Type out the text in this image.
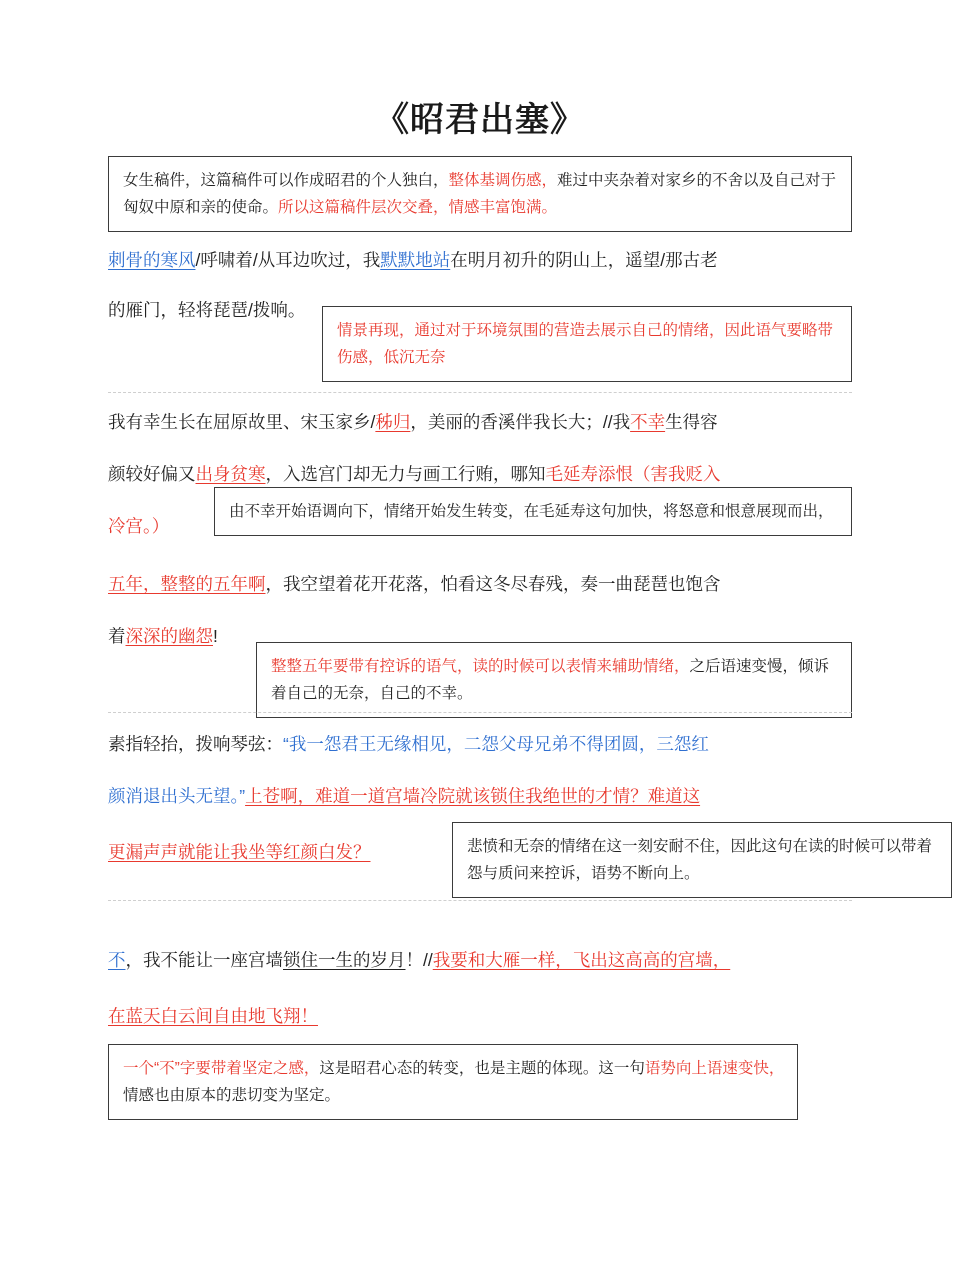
《昭君出塞》
女生稿件，这篇稿件可以作成昭君的个人独白，整体基调伤感，难过中夹杂着对家乡的不舍以及自己对于匈奴中原和亲的使命。所以这篇稿件层次交叠，情感丰富饱满。
刺骨的寒风/呼啸着/从耳边吹过，我默默地站在明月初升的阴山上，遥望/那古老
的雁门，轻将琵琶/拨响。
情景再现，通过对于环境氛围的营造去展示自己的情绪，因此语气要略带伤感，低沉无奈
我有幸生长在屈原故里、宋玉家乡/秭归，美丽的香溪伴我长大；//我不幸生得容
颜较好偏又出身贫寒，入选宫门却无力与画工行贿，哪知毛延寿添恨（害我贬入
冷宫。）
由不幸开始语调向下，情绪开始发生转变，在毛延寿这句加快，将怒意和恨意展现而出，
五年，整整的五年啊，我空望着花开花落，怕看这冬尽春残，奏一曲琵琶也饱含
着深深的幽怨!
整整五年要带有控诉的语气，读的时候可以表情来辅助情绪，之后语速变慢，倾诉着自己的无奈，自己的不幸。
素指轻抬，拨响琴弦：“我一怨君王无缘相见，二怨父母兄弟不得团圆，三怨红
颜消退出头无望。”上苍啊，难道一道宫墙冷院就该锁住我绝世的才情？难道这
更漏声声就能让我坐等红颜白发？	悲愤和无奈的情绪在这一刻安耐不住，因此这句在读的时候可以带着怨与质问来控诉，语势不断向上。
不，我不能让一座宫墙锁住一生的岁月！//我要和大雁一样，飞出这高高的宫墙，
在蓝天白云间自由地飞翔！
一个“不”字要带着坚定之感，这是昭君心态的转变，也是主题的体现。这一句语势向上语速变快，情感也由原本的悲切变为坚定。
